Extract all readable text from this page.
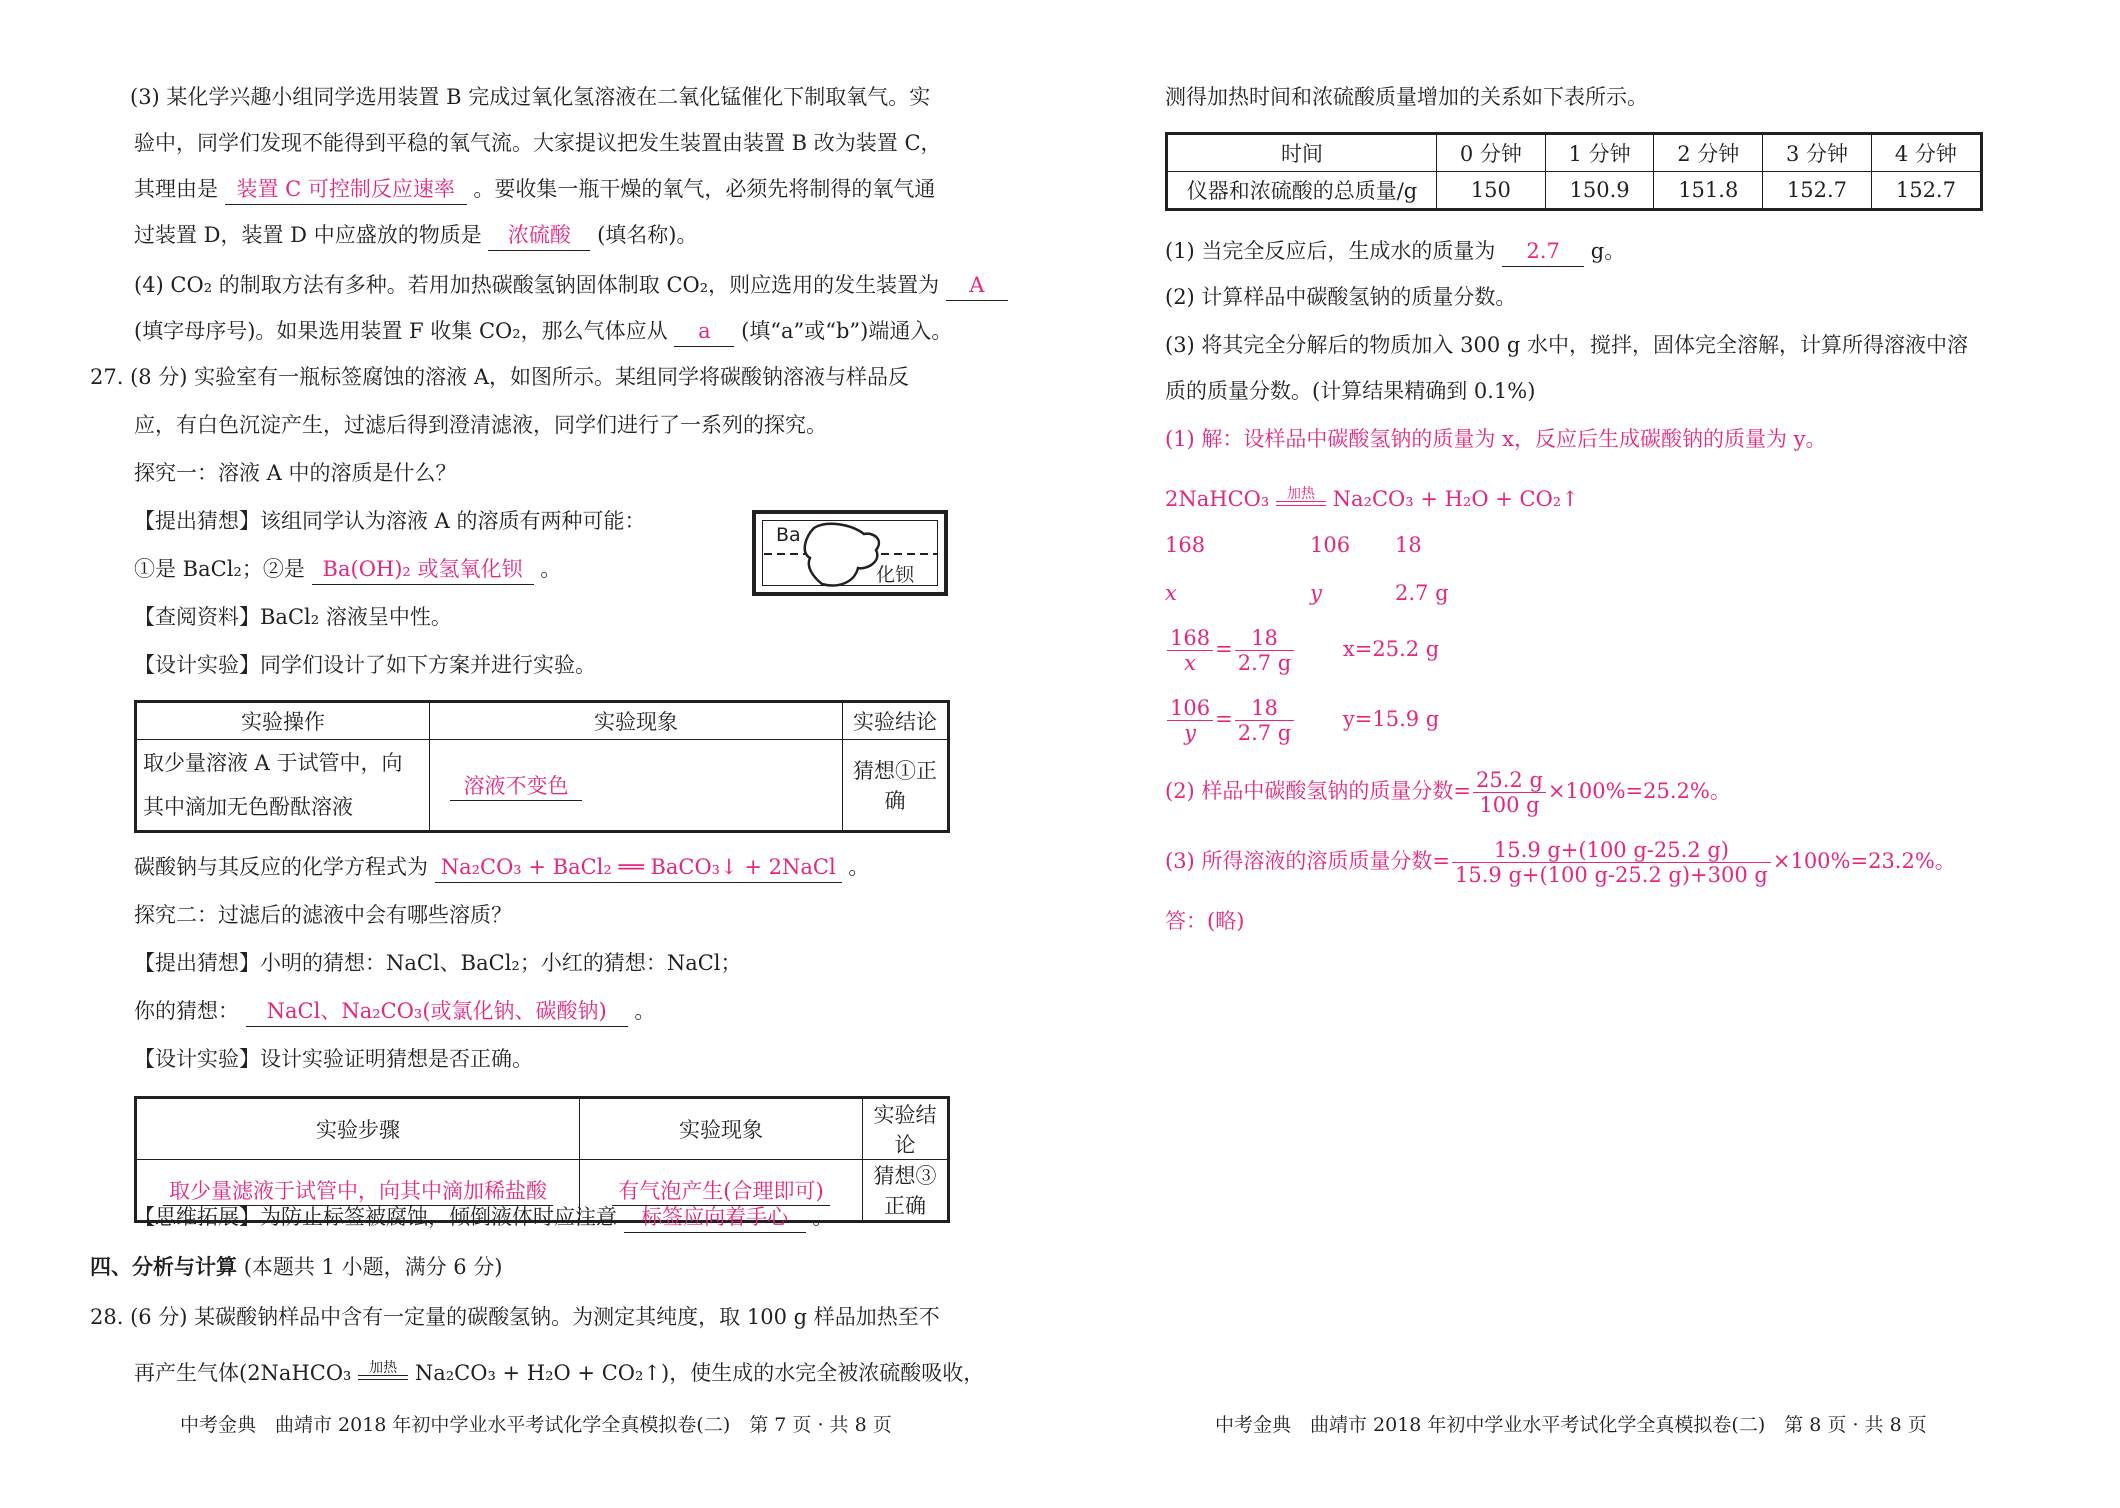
(3) 某化学兴趣小组同学选用装置 B 完成过氧化氢溶液在二氧化锰催化下制取氧气。实
验中，同学们发现不能得到平稳的氧气流。大家提议把发生装置由装置 B 改为装置 C，
其理由是 装置 C 可控制反应速率 。要收集一瓶干燥的氧气，必须先将制得的氧气通
过装置 D，装置 D 中应盛放的物质是 浓硫酸 (填名称)。
(4) CO₂ 的制取方法有多种。若用加热碳酸氢钠固体制取 CO₂，则应选用的发生装置为 A
(填字母序号)。如果选用装置 F 收集 CO₂，那么气体应从 a (填“a”或“b”)端通入。
27. (8 分) 实验室有一瓶标签腐蚀的溶液 A，如图所示。某组同学将碳酸钠溶液与样品反
应，有白色沉淀产生，过滤后得到澄清滤液，同学们进行了一系列的探究。
探究一：溶液 A 中的溶质是什么？
【提出猜想】该组同学认为溶液 A 的溶质有两种可能：
①是 BaCl₂；②是 Ba(OH)₂ 或氢氧化钡 。
【查阅资料】BaCl₂ 溶液呈中性。
【设计实验】同学们设计了如下方案并进行实验。
实验操作	实验现象	实验结论

取少量溶液 A 于试管中，向
其中滴加无色酚酞溶液	溶液不变色	猜想①正确
碳酸钠与其反应的化学方程式为 Na₂CO₃ + BaCl₂ ══ BaCO₃↓ + 2NaCl 。
探究二：过滤后的滤液中会有哪些溶质？
【提出猜想】小明的猜想：NaCl、BaCl₂；小红的猜想：NaCl；
你的猜想： NaCl、Na₂CO₃(或氯化钠、碳酸钠) 。
【设计实验】设计实验证明猜想是否正确。
实验步骤	实验现象	实验结论
取少量滤液于试管中，向其中滴加稀盐酸	有气泡产生(合理即可)	猜想③正确
【思维拓展】为防止标签被腐蚀，倾倒液体时应注意 标签应向着手心 。
四、分析与计算 (本题共 1 小题，满分 6 分)
28. (6 分) 某碳酸钠样品中含有一定量的碳酸氢钠。为测定其纯度，取 100 g 样品加热至不
再产生气体(2NaHCO₃	加热 Na₂CO₃ + H₂O + CO₂↑)，使生成的水完全被浓硫酸吸收，
Ba
化钡
中考金典　曲靖市 2018 年初中学业水平考试化学全真模拟卷(二)　第 7 页 · 共 8 页
测得加热时间和浓硫酸质量增加的关系如下表所示。
时间	0 分钟	1 分钟	2 分钟	3 分钟	4 分钟
仪器和浓硫酸的总质量/g	150	150.9	151.8	152.7	152.7
(1) 当完全反应后，生成水的质量为 2.7 g。
(2) 计算样品中碳酸氢钠的质量分数。
(3) 将其完全分解后的物质加入 300 g 水中，搅拌，固体完全溶解，计算所得溶液中溶
质的质量分数。(计算结果精确到 0.1%)
(1) 解：设样品中碳酸氢钠的质量为 x，反应后生成碳酸钠的质量为 y。
2NaHCO₃	加热 Na₂CO₃ + H₂O + CO₂↑
168	106 18
x	y	2.7 g
$\frac{168}{x} = \frac{18}{2.7 g} x=25.2$ g
$\frac{106}{y} = \frac{18}{2.7 g} y=15.9$ g
(2) 样品中碳酸氢钠的质量分数= $\frac{25.2 g}{100 g} \times 100\%=25.2\%$。
(3) 所得溶液的溶质质量分数= $\frac{15.9 g+(100 g-25.2 g)}{15.9 g+(100 g-25.2 g)+300 g} \times 100\%=23.2\%$。
答：(略)
中考金典　曲靖市 2018 年初中学业水平考试化学全真模拟卷(二)　第 8 页 · 共 8 页
